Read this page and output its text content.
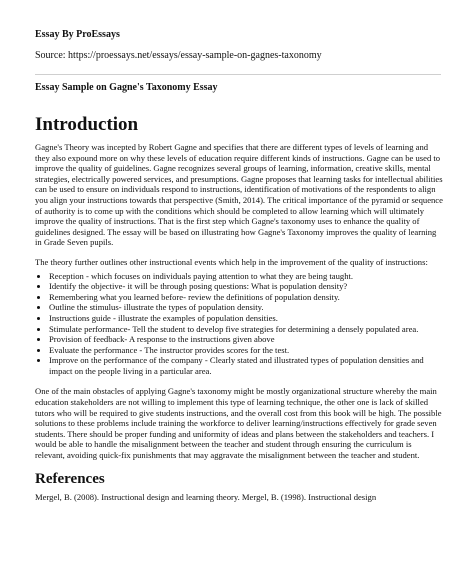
Essay By ProEssays

Source: https://proessays.net/essays/essay-sample-on-gagnes-taxonomy

Essay Sample on Gagne's Taxonomy Essay

Introduction

Gagne's Theory was incepted by Robert Gagne and specifies that there are different types of levels of learning and they also expound more on why these levels of education require different kinds of instructions. Gagne can be used to improve the quality of guidelines. Gagne recognizes several groups of learning, information, creative skills, mental strategies, electrically powered services, and presumptions. Gagne proposes that learning tasks for intellectual abilities can be used to ensure on individuals respond to instructions, identification of motivations of the respondents to align you align your instructions towards that perspective (Smith, 2014). The critical importance of the pyramid or sequence of authority is to come up with the conditions which should be completed to allow learning which will ultimately improve the quality of instructions. That is the first step which Gagne's taxonomy uses to enhance the quality of guidelines designed. The essay will be based on illustrating how Gagne's Taxonomy improves the quality of learning in Grade Seven pupils.

The theory further outlines other instructional events which help in the improvement of the quality of instructions:

• Reception - which focuses on individuals paying attention to what they are being taught.
• Identify the objective- it will be through posing questions: What is population density?
• Remembering what you learned before- review the definitions of population density.
• Outline the stimulus- illustrate the types of population density.
• Instructions guide - illustrate the examples of population densities.
• Stimulate performance- Tell the student to develop five strategies for determining a densely populated area.
• Provision of feedback- A response to the instructions given above
• Evaluate the performance - The instructor provides scores for the test.
• Improve on the performance of the company - Clearly stated and illustrated types of population densities and impact on the people living in a particular area.

One of the main obstacles of applying Gagne's taxonomy might be mostly organizational structure whereby the main education stakeholders are not willing to implement this type of learning technique, the other one is lack of skilled tutors who will be required to give students instructions, and the overall cost from this book will be high. The possible solutions to these problems include training the workforce to deliver learning/instructions effectively for grade seven students. There should be proper funding and uniformity of ideas and plans between the stakeholders and teachers. I would be able to handle the misalignment between the teacher and student through ensuring the curriculum is relevant, avoiding quick-fix punishments that may aggravate the misalignment between the teacher and student.

References

Mergel, B. (2008). Instructional design and learning theory. Mergel, B. (1998). Instructional design
